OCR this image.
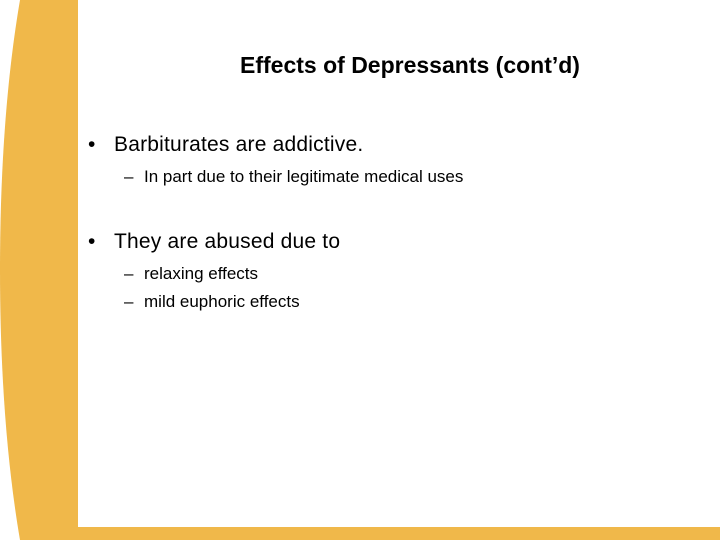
Effects of Depressants (cont’d)
• Barbiturates are addictive.
– In part due to their legitimate medical uses
• They are abused due to
– relaxing effects
– mild euphoric effects
